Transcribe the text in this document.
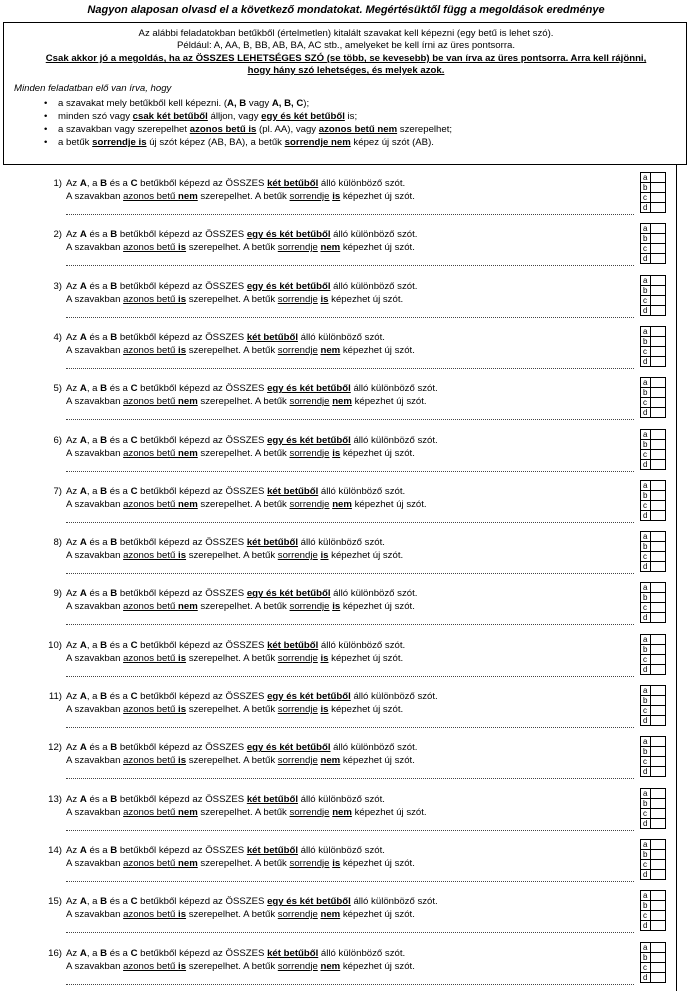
Nagyon alaposan olvasd el a következő mondatokat. Megértésüktől függ a megoldások eredménye
Az alábbi feladatokban betűkből (értelmetlen) kitalált szavakat kell képezni (egy betű is lehet szó).
Például: A, AA, B, BB, AB, BA, AC stb., amelyeket be kell írni az üres pontsorra.
Csak akkor jó a megoldás, ha az ÖSSZES LEHETSÉGES SZÓ (se több, se kevesebb) be van írva az üres pontsorra. Arra kell rájönni,
hogy hány szó lehetséges, és melyek azok.
Minden feladatban elő van írva, hogy
• a szavakat mely betűkből kell képezni. (A, B vagy A, B, C);
• minden szó vagy csak két betűből álljon, vagy egy és két betűből is;
• a szavakban vagy szerepelhet azonos betű is (pl. AA), vagy azonos betű nem szerepelhet;
• a betűk sorrendje is új szót képez (AB, BA), a betűk sorrendje nem képez új szót (AB).
1) Az A, a B és a C betűkből képezd az ÖSSZES két betűből álló különböző szót.
A szavakban azonos betű nem szerepelhet. A betűk sorrendje is képezhet új szót.
a
b
c
d
2) Az A és a B betűkből képezd az ÖSSZES egy és két betűből álló különböző szót.
A szavakban azonos betű is szerepelhet. A betűk sorrendje nem képezhet új szót.
a
b
c
d
3) Az A és a B betűkből képezd az ÖSSZES egy és két betűből álló különböző szót.
A szavakban azonos betű is szerepelhet. A betűk sorrendje is képezhet új szót.
a
b
c
d
4) Az A és a B betűkből képezd az ÖSSZES két betűből álló különböző szót.
A szavakban azonos betű is szerepelhet. A betűk sorrendje nem képezhet új szót.
a
b
c
d
5) Az A, a B és a C betűkből képezd az ÖSSZES egy és két betűből álló különböző szót.
A szavakban azonos betű nem szerepelhet. A betűk sorrendje nem képezhet új szót.
a
b
c
d
6) Az A, a B és a C betűkből képezd az ÖSSZES egy és két betűből álló különböző szót.
A szavakban azonos betű nem szerepelhet. A betűk sorrendje is képezhet új szót.
a
b
c
d
7) Az A, a B és a C betűkből képezd az ÖSSZES két betűből álló különböző szót.
A szavakban azonos betű nem szerepelhet. A betűk sorrendje nem képezhet új szót.
a
b
c
d
8) Az A és a B betűkből képezd az ÖSSZES két betűből álló különböző szót.
A szavakban azonos betű is szerepelhet. A betűk sorrendje is képezhet új szót.
a
b
c
d
9) Az A és a B betűkből képezd az ÖSSZES egy és két betűből álló különböző szót.
A szavakban azonos betű nem szerepelhet. A betűk sorrendje is képezhet új szót.
a
b
c
d
10) Az A, a B és a C betűkből képezd az ÖSSZES két betűből álló különböző szót.
A szavakban azonos betű is szerepelhet. A betűk sorrendje is képezhet új szót.
a
b
c
d
11) Az A, a B és a C betűkből képezd az ÖSSZES egy és két betűből álló különböző szót.
A szavakban azonos betű is szerepelhet. A betűk sorrendje is képezhet új szót.
a
b
c
d
12) Az A és a B betűkből képezd az ÖSSZES egy és két betűből álló különböző szót.
A szavakban azonos betű is szerepelhet. A betűk sorrendje nem képezhet új szót.
a
b
c
d
13) Az A és a B betűkből képezd az ÖSSZES két betűből álló különböző szót.
A szavakban azonos betű nem szerepelhet. A betűk sorrendje nem képezhet új szót.
a
b
c
d
14) Az A és a B betűkből képezd az ÖSSZES két betűből álló különböző szót.
A szavakban azonos betű nem szerepelhet. A betűk sorrendje is képezhet új szót.
a
b
c
d
15) Az A, a B és a C betűkből képezd az ÖSSZES egy és két betűből álló különböző szót.
A szavakban azonos betű is szerepelhet. A betűk sorrendje nem képezhet új szót.
a
b
c
d
16) Az A, a B és a C betűkből képezd az ÖSSZES két betűből álló különböző szót.
A szavakban azonos betű is szerepelhet. A betűk sorrendje nem képezhet új szót.
a
b
c
d
